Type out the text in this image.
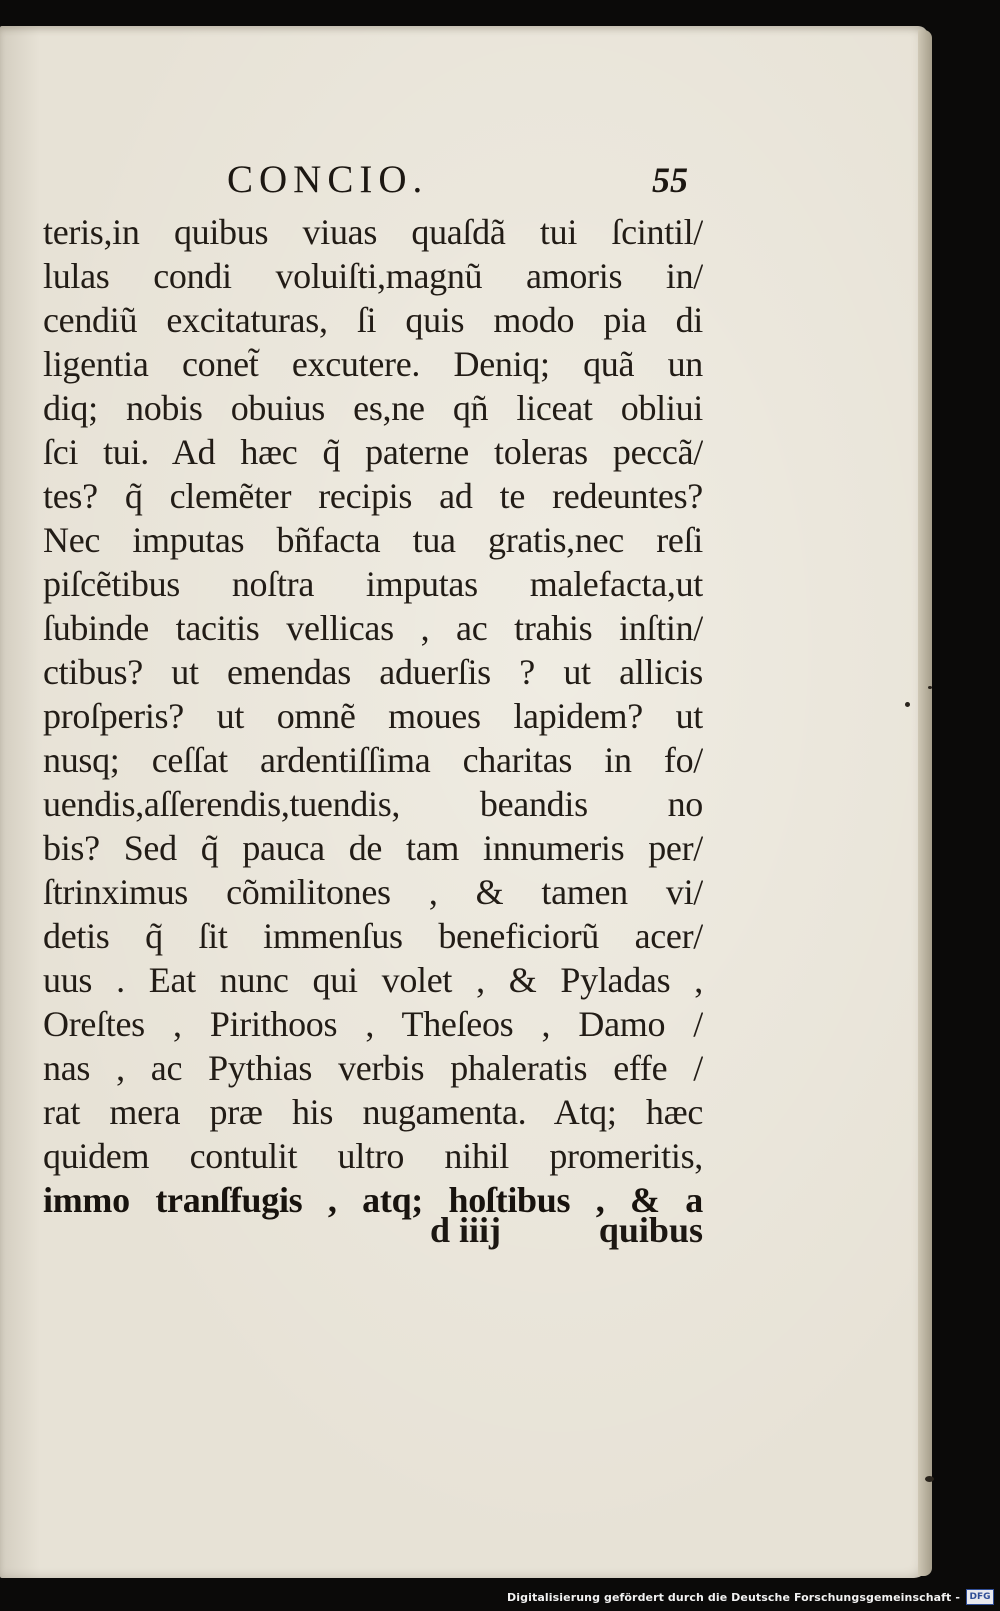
CONCIO.	55
teris,in quibus viuas quaſdã tui ſcintil/
lulas condi voluiſti,magnũ amoris in/
cendiũ excitaturas, ſi quis modo pia di
ligentia conet̃ excutere. Deniq; quã un
diq; nobis obuius es,ne qñ liceat obliui
ſci tui. Ad hæc q̃ paterne toleras peccã/
tes? q̃ clemẽter recipis ad te redeuntes?
Nec imputas bñfacta tua gratis,nec reſi
piſcẽtibus noſtra imputas malefacta,ut
ſubinde tacitis vellicas , ac trahis inſtin/
ctibus? ut emendas aduerſis ? ut allicis
proſperis? ut omnẽ moues lapidem? ut
nusq; ceſſat ardentiſſima charitas in fo/
uendis,aſſerendis,tuendis, beandis no
bis? Sed q̃ pauca de tam innumeris per/
ſtrinximus cõmilitones , & tamen vi/
detis q̃ ſit immenſus beneficiorũ acer/
uus . Eat nunc qui volet , & Pyladas ,
Oreſtes , Pirithoos , Theſeos , Damo /
nas , ac Pythias verbis phaleratis effe /
rat mera præ his nugamenta. Atq; hæc
quidem contulit ultro nihil promeritis,
immo tranſfugis , atq; hoſtibus , & a
d iiij	quibus
Digitalisierung gefördert durch die Deutsche Forschungsgemeinschaft -	DFG
